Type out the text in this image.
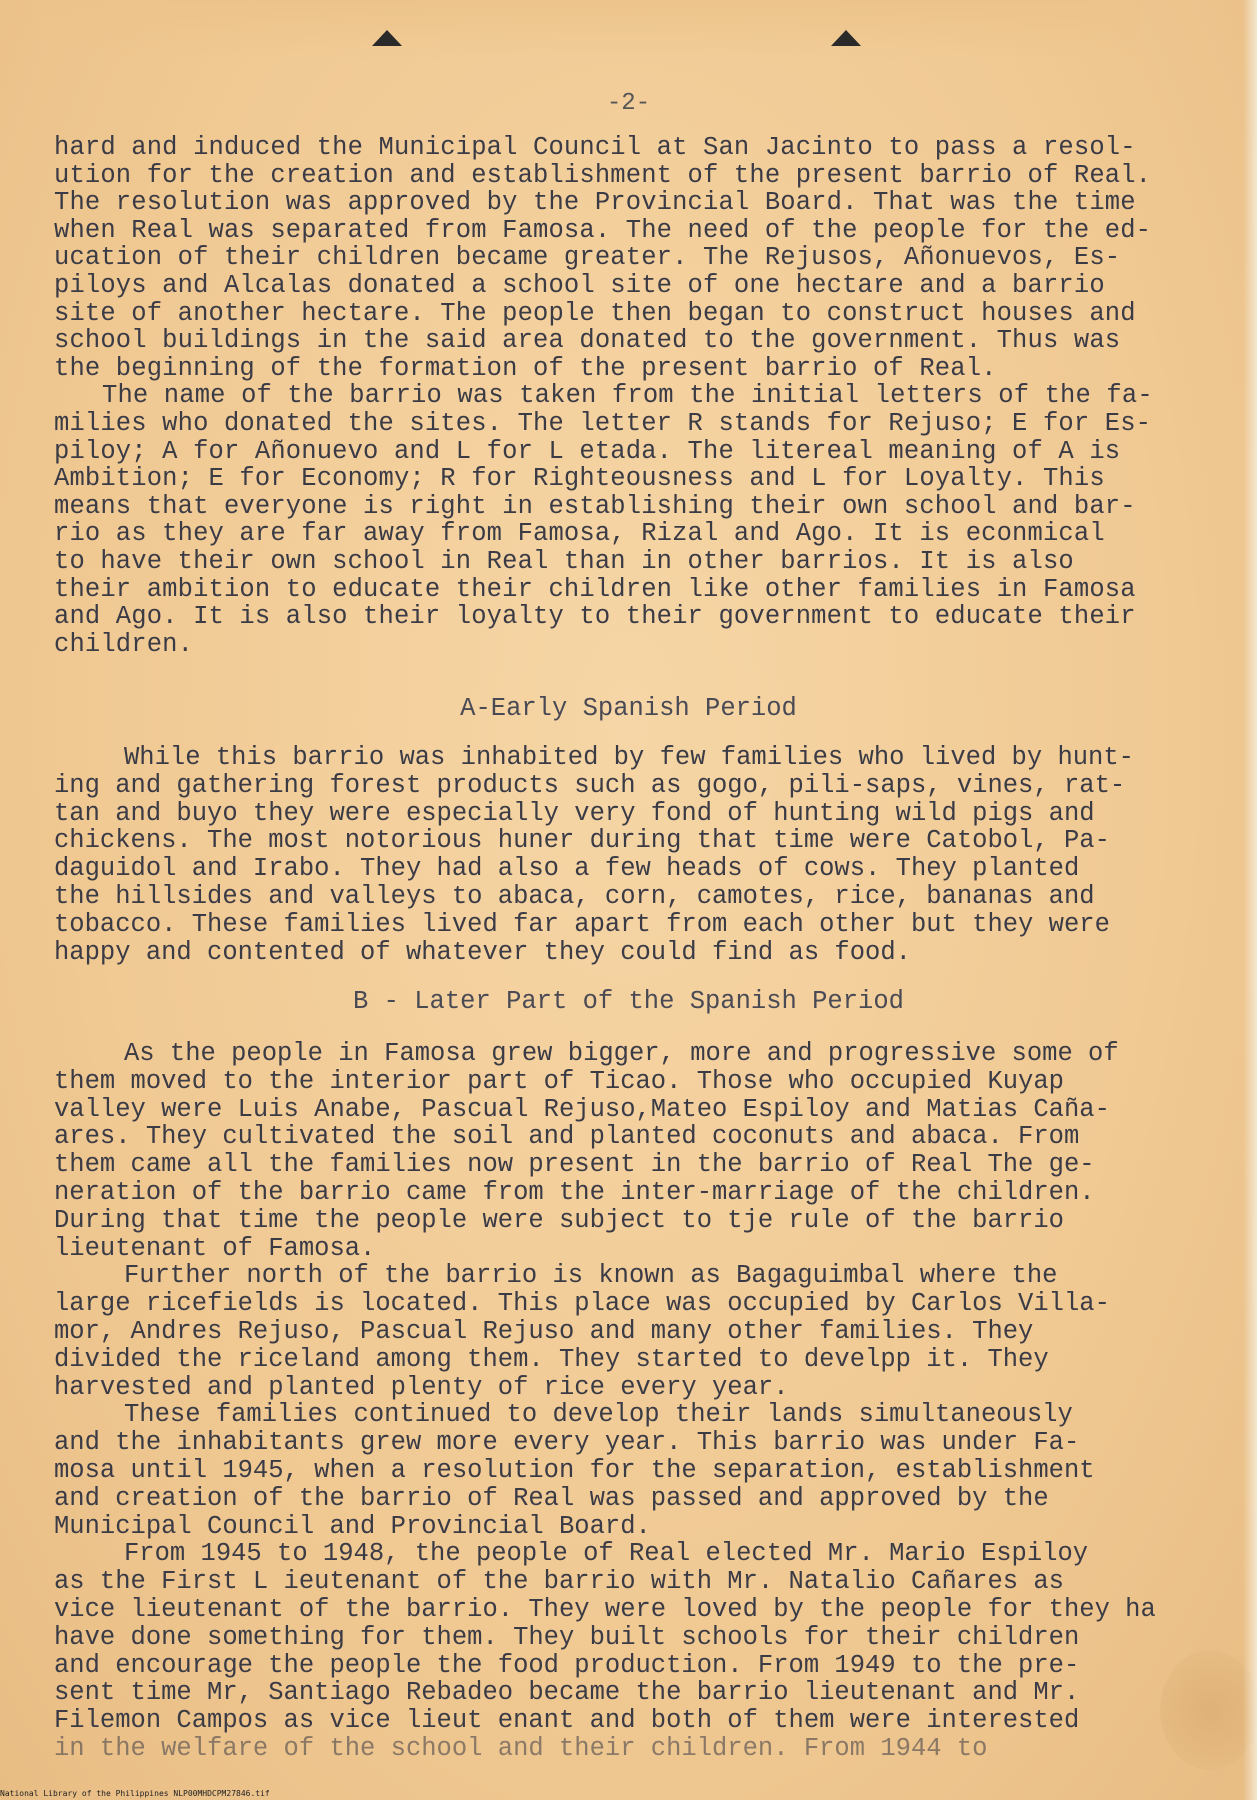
-2-

hard and induced the Municipal Council at San Jacinto to pass a resol-

ution for the creation and establishment of the present barrio of Real.

The resolution was approved by the Provincial Board. That was the time

when Real was separated from Famosa. The need of the people for the ed-

ucation of their children became greater. The Rejusos, Añonuevos, Es-

piloys and Alcalas donated a school site of one hectare and a barrio

site of another hectare. The people then began to construct houses and

school buildings in the said area donated to the government. Thus was

the beginning of the formation of the present barrio of Real.

The name of the barrio was taken from the initial letters of the fa-

milies who donated the sites. The letter R stands for Rejuso; E for Es-

piloy; A for Añonuevo and L for L etada. The litereal meaning of A is

Ambition; E for Economy; R for Righteousness and L for Loyalty. This

means that everyone is right in establishing their own school and bar-

rio as they are far away from Famosa, Rizal and Ago. It is econmical

to have their own school in Real than in other barrios. It is also

their ambition to educate their children like other families in Famosa

and Ago. It is also their loyalty to their government to educate their

children.

A-Early Spanish Period

While this barrio was inhabited by few families who lived by hunt-

ing and gathering forest products such as gogo, pili-saps, vines, rat-

tan and buyo they were especially very fond of hunting wild pigs and

chickens. The most notorious huner during that time were Catobol, Pa-

daguidol and Irabo. They had also a few heads of cows. They planted

the hillsides and valleys to abaca, corn, camotes, rice, bananas and

tobacco. These families lived far apart from each other but they were

happy and contented of whatever they could find as food.

B - Later Part of the Spanish Period

As the people in Famosa grew bigger, more and progressive some of

them moved to the interior part of Ticao. Those who occupied Kuyap

valley were Luis Anabe, Pascual Rejuso,Mateo Espiloy and Matias Caña-

ares. They cultivated the soil and planted coconuts and abaca. From

them came all the families now present in the barrio of Real The ge-

neration of the barrio came from the inter-marriage of the children.

During that time the people were subject to tje rule of the barrio

lieutenant of Famosa.

Further north of the barrio is known as Bagaguimbal where the

large ricefields is located. This place was occupied by Carlos Villa-

mor, Andres Rejuso, Pascual Rejuso and many other families. They

divided the riceland among them. They started to develpp it. They

harvested and planted plenty of rice every year.

These families continued to develop their lands simultaneously

and the inhabitants grew more every year. This barrio was under Fa-

mosa until 1945, when a resolution for the separation, establishment

and creation of the barrio of Real was passed and approved by the

Municipal Council and Provincial Board.

From 1945 to 1948, the people of Real elected Mr. Mario Espiloy

as the First L ieutenant of the barrio with Mr. Natalio Cañares as

vice lieutenant of the barrio. They were loved by the people for they ha

have done something for them. They built schools for their children

and encourage the people the food production. From 1949 to the pre-

sent time Mr, Santiago Rebadeo became the barrio lieutenant and Mr.

Filemon Campos as vice lieut enant and both of them were interested

in the welfare of the school and their children. From 1944 to

National Library of the Philippines NLP00MHDCPM27846.tif
